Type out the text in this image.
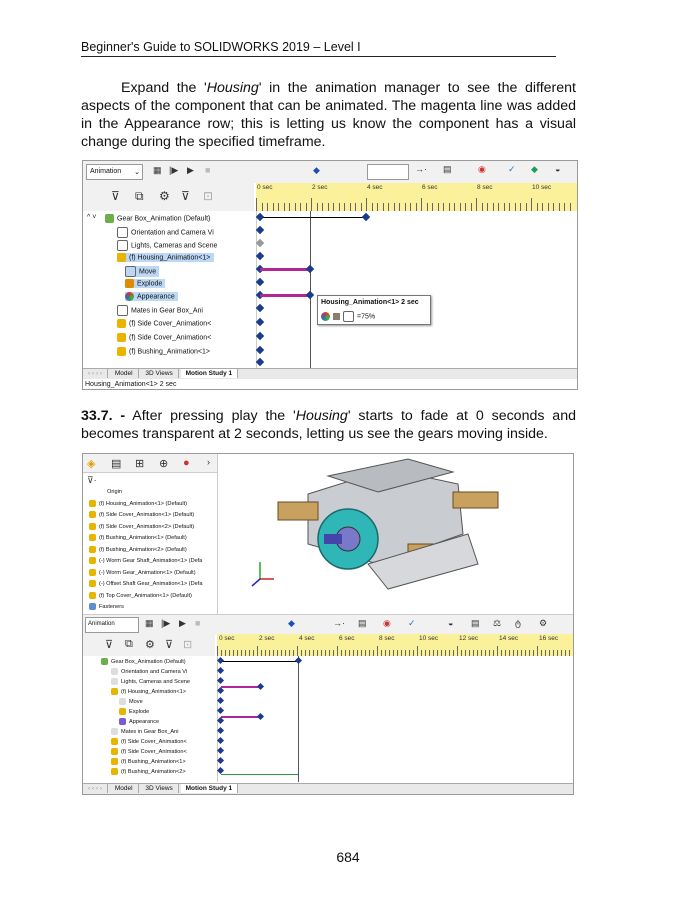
Beginner's Guide to SOLIDWORKS 2019 – Level I
Expand the 'Housing' in the animation manager to see the different aspects of the component that can be animated. The magenta line was added in the Appearance row; this is letting us know the component has a visual change during the specified timeframe.
Animation ⌄ ▦ |▶ ▶ ■	◆	→· ▤	◉ ✓ ◆ ◒
⊽ ⧉ ⚙ ⊽ ⊡
0 sec	2 sec	4 sec	6 sec	8 sec	10 sec
^ ˅	Gear Box_Animation (Default)
Orientation and Camera Vi
Lights, Cameras and Scene
(f) Housing_Animation<1>
Move
Explode
Appearance
Mates in Gear Box_Ani
(f) Side Cover_Animation<
(f) Side Cover_Animation<
(f) Bushing_Animation<1>
Housing_Animation<1> 2 sec
=75%
‹ ‹ › › Model 3D Views Motion Study 1
Housing_Animation<1> 2 sec
33.7. - After pressing play the 'Housing' starts to fade at 0 seconds and becomes transparent at 2 seconds, letting us see the gears moving inside.
◈ ▤ ⊞ ⊕ ● ›
⊽·
Origin
(f) Housing_Animation<1> (Default)
(f) Side Cover_Animation<1> (Default)
(f) Side Cover_Animation<2> (Default)
(f) Bushing_Animation<1> (Default)
(f) Bushing_Animation<2> (Default)
(-) Worm Gear Shaft_Animation<1> (Defa
(-) Worm Gear_Animation<1> (Default)
(-) Offset Shaft Gear_Animation<1> (Defa
(f) Top Cover_Animation<1> (Default)
Fasteners
Animation	▦ |▶ ▶ ■	◆	→· ▤ ◉ ✓	◒ ▤ ⚖ ტ ⚙
⊽ ⧉ ⚙ ⊽ ⊡
0 sec	2 sec	4 sec	6 sec	8 sec	10 sec	12 sec	14 sec	16 sec
Gear Box_Animation (Default)
Orientation and Camera Vi
Lights, Cameras and Scene
(f) Housing_Animation<1>
Move
Explode
Appearance
Mates in Gear Box_Ani
(f) Side Cover_Animation<
(f) Side Cover_Animation<
(f) Bushing_Animation<1>
(f) Bushing_Animation<2>
‹ ‹ › › Model 3D Views Motion Study 1
684
